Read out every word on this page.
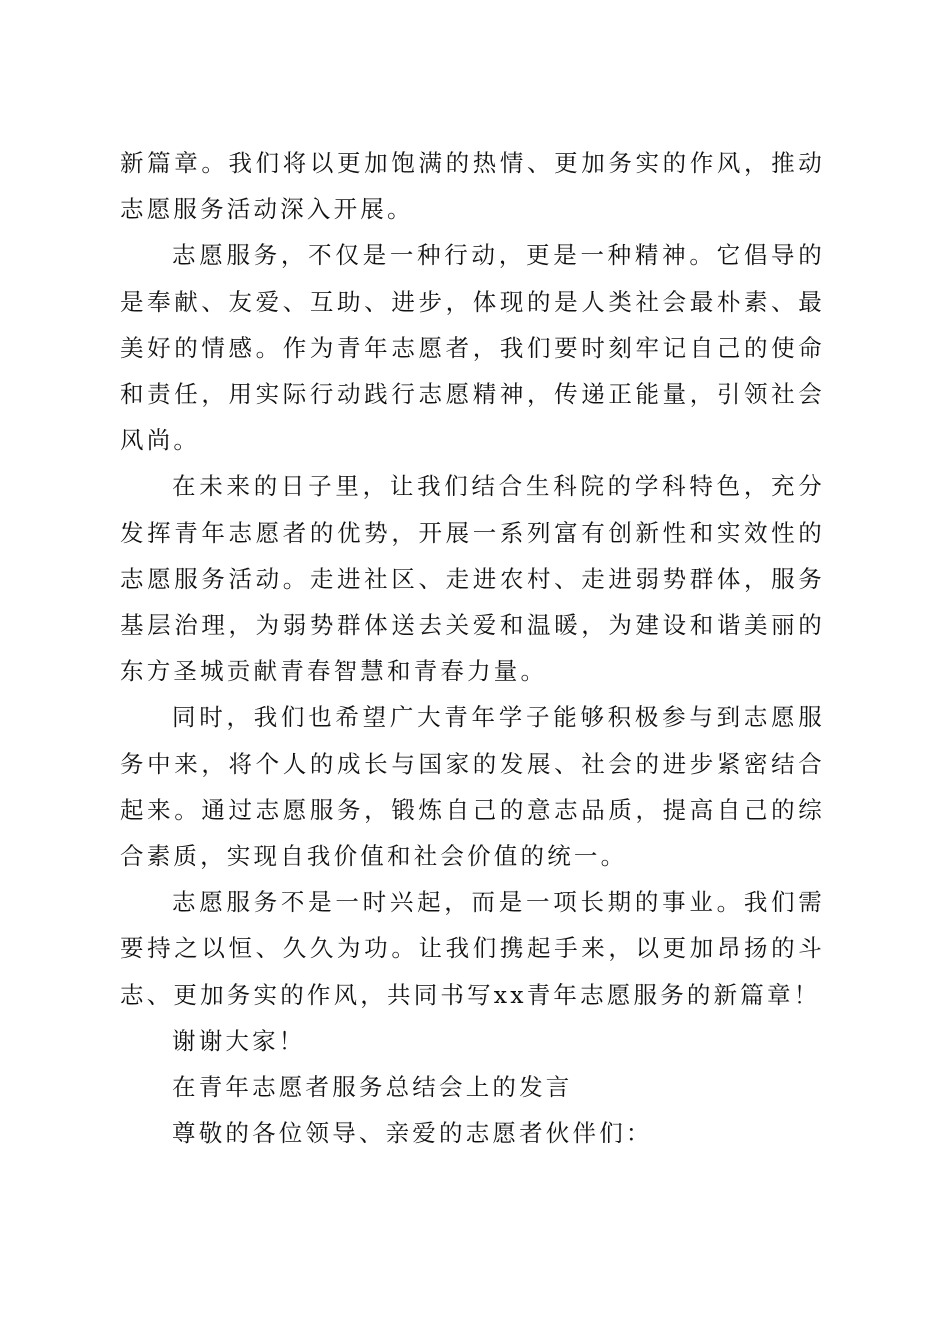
新篇章。我们将以更加饱满的热情、更加务实的作风，推动志愿服务活动深入开展。

志愿服务，不仅是一种行动，更是一种精神。它倡导的是奉献、友爱、互助、进步，体现的是人类社会最朴素、最美好的情感。作为青年志愿者，我们要时刻牢记自己的使命和责任，用实际行动践行志愿精神，传递正能量，引领社会风尚。

在未来的日子里，让我们结合生科院的学科特色，充分发挥青年志愿者的优势，开展一系列富有创新性和实效性的志愿服务活动。走进社区、走进农村、走进弱势群体，服务基层治理，为弱势群体送去关爱和温暖，为建设和谐美丽的东方圣城贡献青春智慧和青春力量。

同时，我们也希望广大青年学子能够积极参与到志愿服务中来，将个人的成长与国家的发展、社会的进步紧密结合起来。通过志愿服务，锻炼自己的意志品质，提高自己的综合素质，实现自我价值和社会价值的统一。

志愿服务不是一时兴起，而是一项长期的事业。我们需要持之以恒、久久为功。让我们携起手来，以更加昂扬的斗志、更加务实的作风，共同书写xx青年志愿服务的新篇章！

谢谢大家！

在青年志愿者服务总结会上的发言

尊敬的各位领导、亲爱的志愿者伙伴们：
